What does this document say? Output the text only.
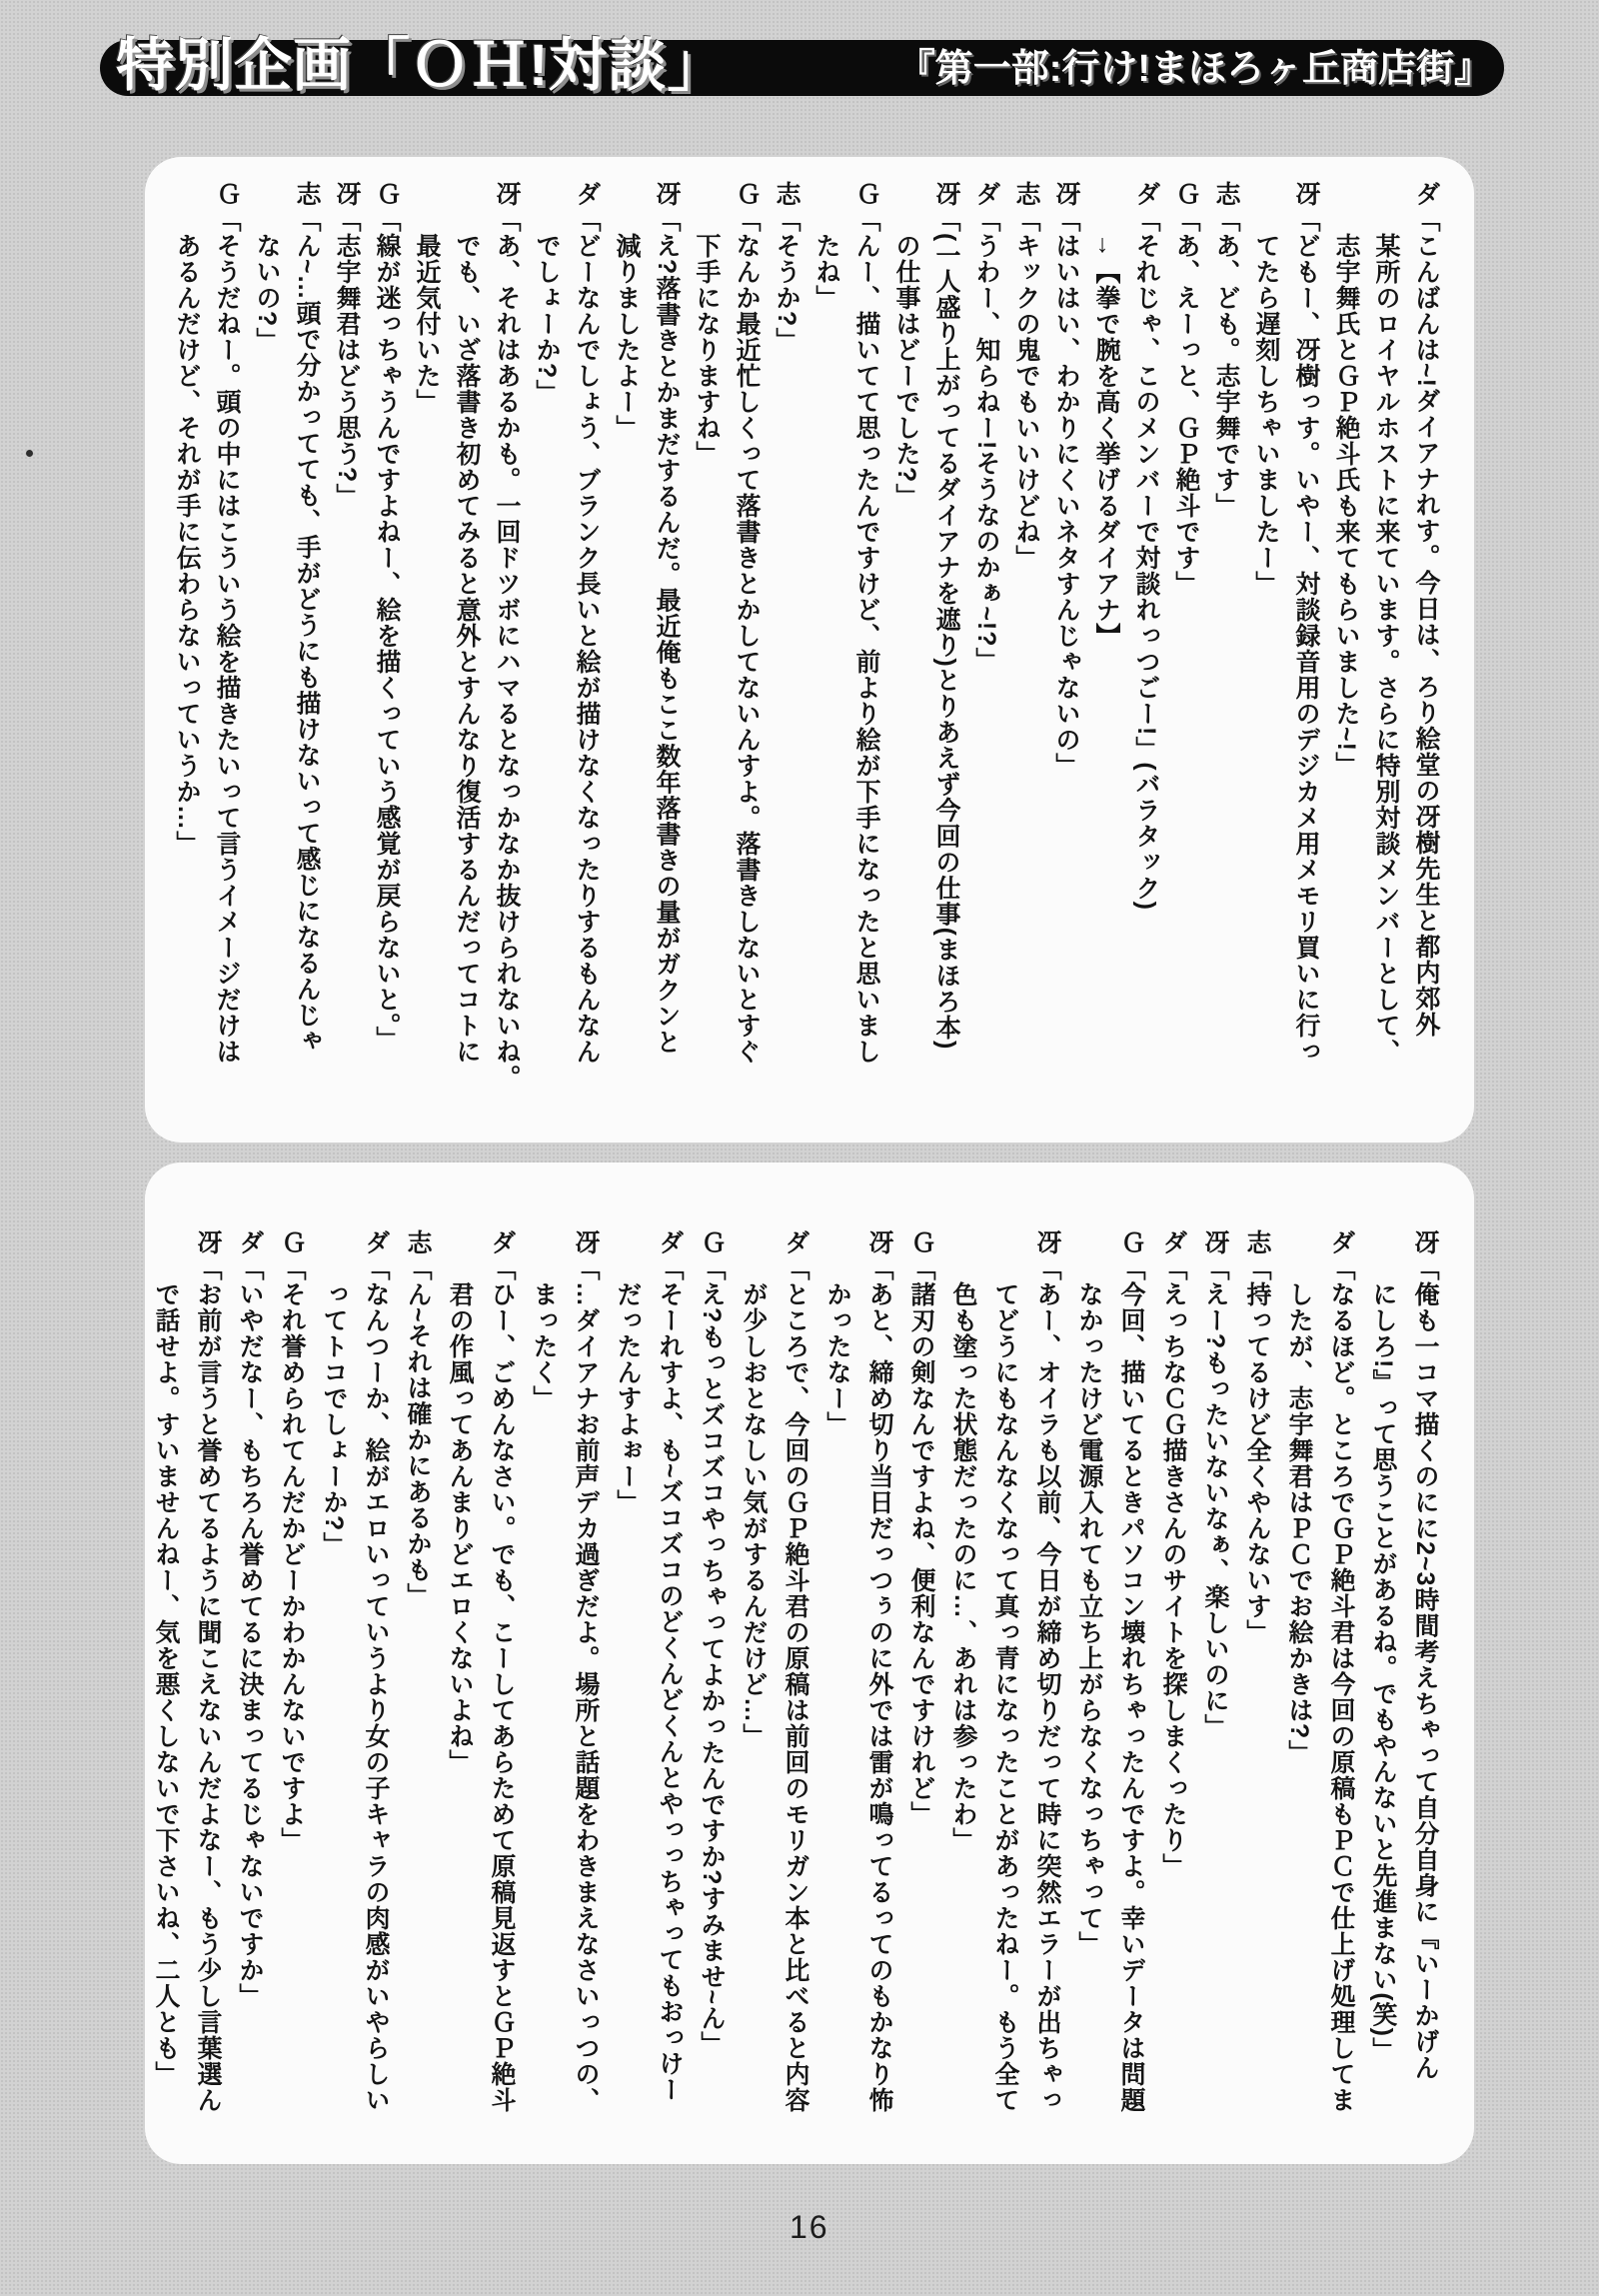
特別企画「ＯＨ!対談」	『第一部:行け!まほろヶ丘商店街』
ダ「こんばんは~!ダイアナれす。今日は、ろり絵堂の冴樹先生と都内郊外
某所のロイヤルホストに来ています。さらに特別対談メンバーとして、
志宇舞氏とＧＰ絶斗氏も来てもらいました~!」
冴「どもー、冴樹っす。いやー、対談録音用のデジカメ用メモリ買いに行っ
てたら遅刻しちゃいましたー」
志「あ、ども。志宇舞です」
Ｇ「あ、えーっと、ＧＰ絶斗です」
ダ「それじゃ、このメンバーで対談れっつごー!」(バラタック)
→【拳で腕を高く挙げるダイアナ】
冴「はいはい、わかりにくいネタすんじゃないの」
志「キックの鬼でもいいけどね」
ダ「うわー、知らねー!そうなのかぁ~!?」
冴「(一人盛り上がってるダイアナを遮り)とりあえず今回の仕事(まほろ本)
の仕事はどーでした?」
Ｇ「んー、描いてて思ったんですけど、前より絵が下手になったと思いまし
たね」
志「そうか?」
Ｇ「なんか最近忙しくって落書きとかしてないんすよ。落書きしないとすぐ
下手になりますね」
冴「え?落書きとかまだするんだ。最近俺もここ数年落書きの量がガクンと
減りましたよー」
ダ「どーなんでしょう、ブランク長いと絵が描けなくなったりするもんなん
でしょーか?」
冴「あ、それはあるかも。一回ドツボにハマるとなっかなか抜けられないね。
でも、いざ落書き初めてみると意外とすんなり復活するんだってコトに
最近気付いた」
Ｇ「線が迷っちゃうんですよねー、絵を描くっていう感覚が戻らないと。」
冴「志宇舞君はどう思う?」
志「ん~…頭で分かってても、手がどうにも描けないって感じになるんじゃ
ないの?」
Ｇ「そうだねー。頭の中にはこういう絵を描きたいって言うイメージだけは
あるんだけど、それが手に伝わらないっていうか…」
冴「俺も一コマ描くのにに2~3時間考えちゃって自分自身に『いーかげん
にしろ!』って思うことがあるね。でもやんないと先進まない(笑)」
ダ「なるほど。ところでＧＰ絶斗君は今回の原稿もＰＣで仕上げ処理してま
したが、志宇舞君はＰＣでお絵かきは?」
志「持ってるけど全くやんないす」
冴「えー?もったいないなぁ、楽しいのに」
ダ「えっちなＣＧ描きさんのサイトを探しまくったり」
Ｇ「今回、描いてるときパソコン壊れちゃったんですよ。幸いデータは問題
なかったけど電源入れても立ち上がらなくなっちゃって」
冴「あー、オイラも以前、今日が締め切りだって時に突然エラーが出ちゃっ
てどうにもなんなくなって真っ青になったことがあったねー。もう全て
色も塗った状態だったのに…、あれは参ったわ」
Ｇ「諸刃の剣なんですよね、便利なんですけれど」
冴「あと、締め切り当日だっつぅのに外では雷が鳴ってるってのもかなり怖
かったなー」
ダ「ところで、今回のＧＰ絶斗君の原稿は前回のモリガン本と比べると内容
が少しおとなしい気がするんだけど…」
Ｇ「え?もっとズコズコやっちゃってよかったんですか?すみませ~ん」
ダ「そーれすよ、も~ズコズコのどくんどくんとやっっちゃってもおっけー
だったんすよぉー」
冴「…ダイアナお前声デカ過ぎだよ。場所と話題をわきまえなさいっつの、
まったく」
ダ「ひー、ごめんなさい。でも、こーしてあらためて原稿見返すとＧＰ絶斗
君の作風ってあんまりどエロくないよね」
志「ん~それは確かにあるかも」
ダ「なんつーか、絵がエロいっていうより女の子キャラの肉感がいやらしい
ってトコでしょーか?」
Ｇ「それ誉められてんだかどーかわかんないですよ」
ダ「いやだなー、もちろん誉めてるに決まってるじゃないですか」
冴「お前が言うと誉めてるように聞こえないんだよなー、もう少し言葉選ん
で話せよ。すいませんねー、気を悪くしないで下さいね、二人とも」
16
